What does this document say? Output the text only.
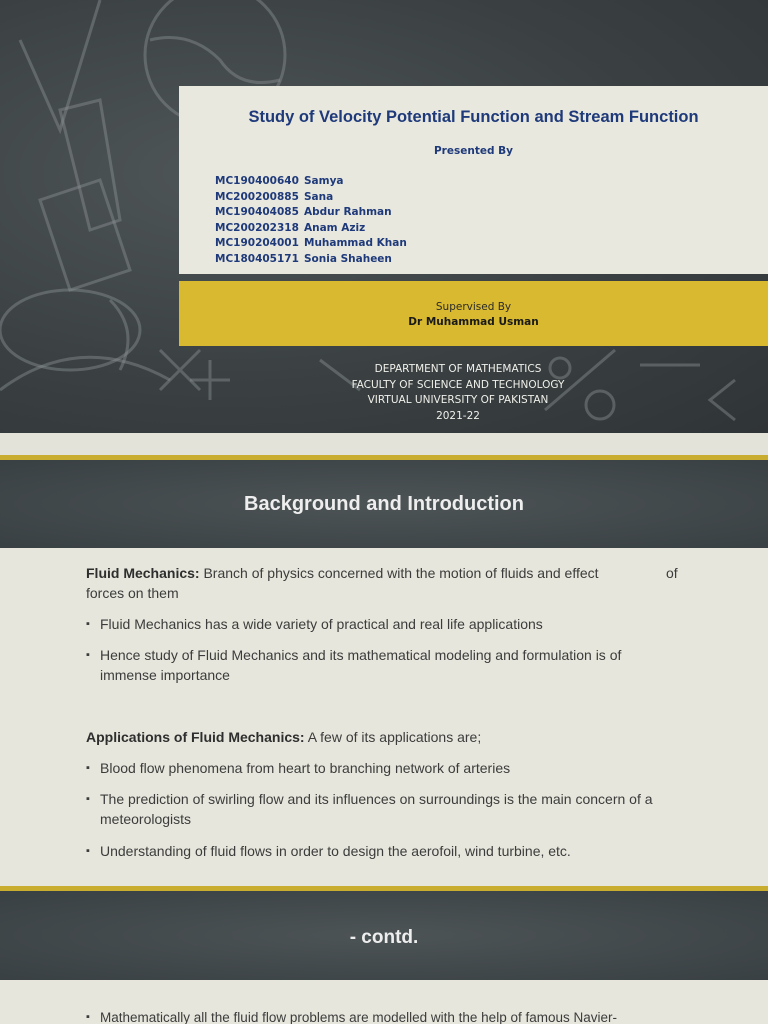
Study of Velocity Potential Function and Stream Function
Presented By
MC190400640 Samya
MC200200885 Sana
MC190404085 Abdur Rahman
MC200202318 Anam Aziz
MC190204001 Muhammad Khan
MC180405171 Sonia Shaheen
Supervised By
Dr Muhammad Usman
DEPARTMENT OF MATHEMATICS
FACULTY OF SCIENCE AND TECHNOLOGY
VIRTUAL UNIVERSITY OF PAKISTAN
2021-22
Background and Introduction
Fluid Mechanics: Branch of physics concerned with the motion of fluids and effect	of
forces on them
▪ Fluid Mechanics has a wide variety of practical and real life applications
▪ Hence study of Fluid Mechanics and its mathematical modeling and formulation is of immense importance
Applications of Fluid Mechanics: A few of its applications are;
▪ Blood flow phenomena from heart to branching network of arteries
▪ The prediction of swirling flow and its influences on surroundings is the main concern of a meteorologists
▪ Understanding of fluid flows in order to design the aerofoil, wind turbine, etc.
- contd.
▪ Mathematically all the fluid flow problems are modelled with the help of famous Navier-
